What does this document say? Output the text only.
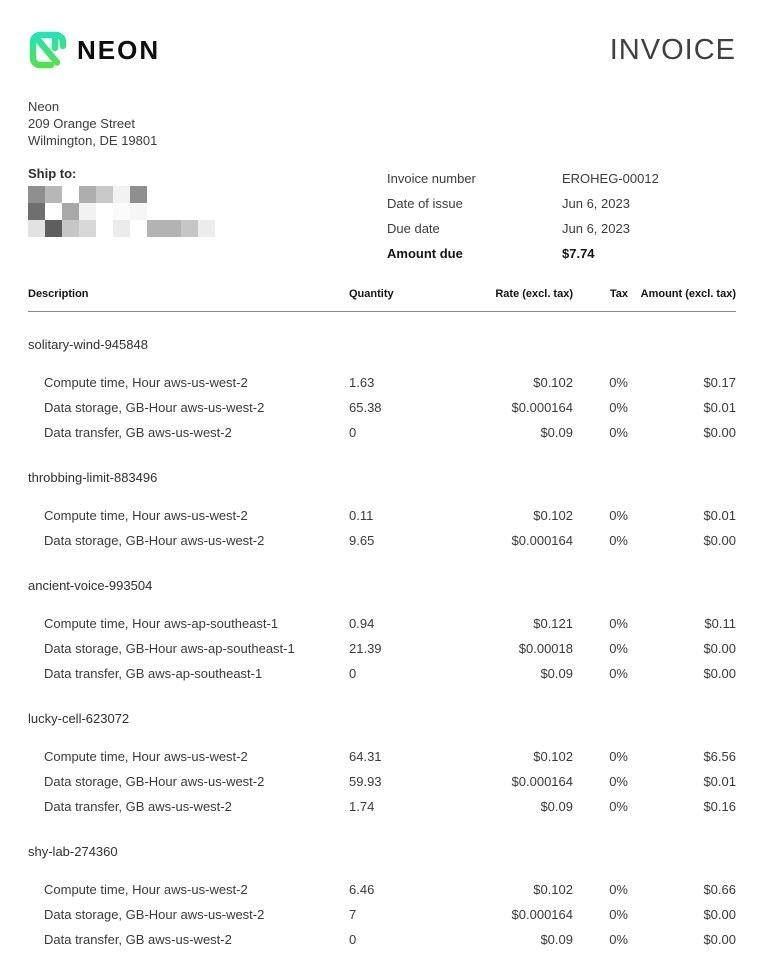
NEON	INVOICE
Neon
209 Orange Street
Wilmington, DE 19801
Ship to:	Invoice number	EROHEG-00012
Date of issue	Jun 6, 2023
Due date	Jun 6, 2023
Amount due	$7.74
Description	Quantity	Rate (excl. tax)	Tax	Amount (excl. tax)
solitary-wind-945848				
Compute time, Hour aws-us-west-2	1.63	$0.102	0%	$0.17
Data storage, GB-Hour aws-us-west-2	65.38	$0.000164	0%	$0.01
Data transfer, GB aws-us-west-2	0	$0.09	0%	$0.00
throbbing-limit-883496				
Compute time, Hour aws-us-west-2	0.11	$0.102	0%	$0.01
Data storage, GB-Hour aws-us-west-2	9.65	$0.000164	0%	$0.00
ancient-voice-993504				
Compute time, Hour aws-ap-southeast-1	0.94	$0.121	0%	$0.11
Data storage, GB-Hour aws-ap-southeast-1	21.39	$0.00018	0%	$0.00
Data transfer, GB aws-ap-southeast-1	0	$0.09	0%	$0.00
lucky-cell-623072				
Compute time, Hour aws-us-west-2	64.31	$0.102	0%	$6.56
Data storage, GB-Hour aws-us-west-2	59.93	$0.000164	0%	$0.01
Data transfer, GB aws-us-west-2	1.74	$0.09	0%	$0.16
shy-lab-274360				
Compute time, Hour aws-us-west-2	6.46	$0.102	0%	$0.66
Data storage, GB-Hour aws-us-west-2	7	$0.000164	0%	$0.00
Data transfer, GB aws-us-west-2	0	$0.09	0%	$0.00
